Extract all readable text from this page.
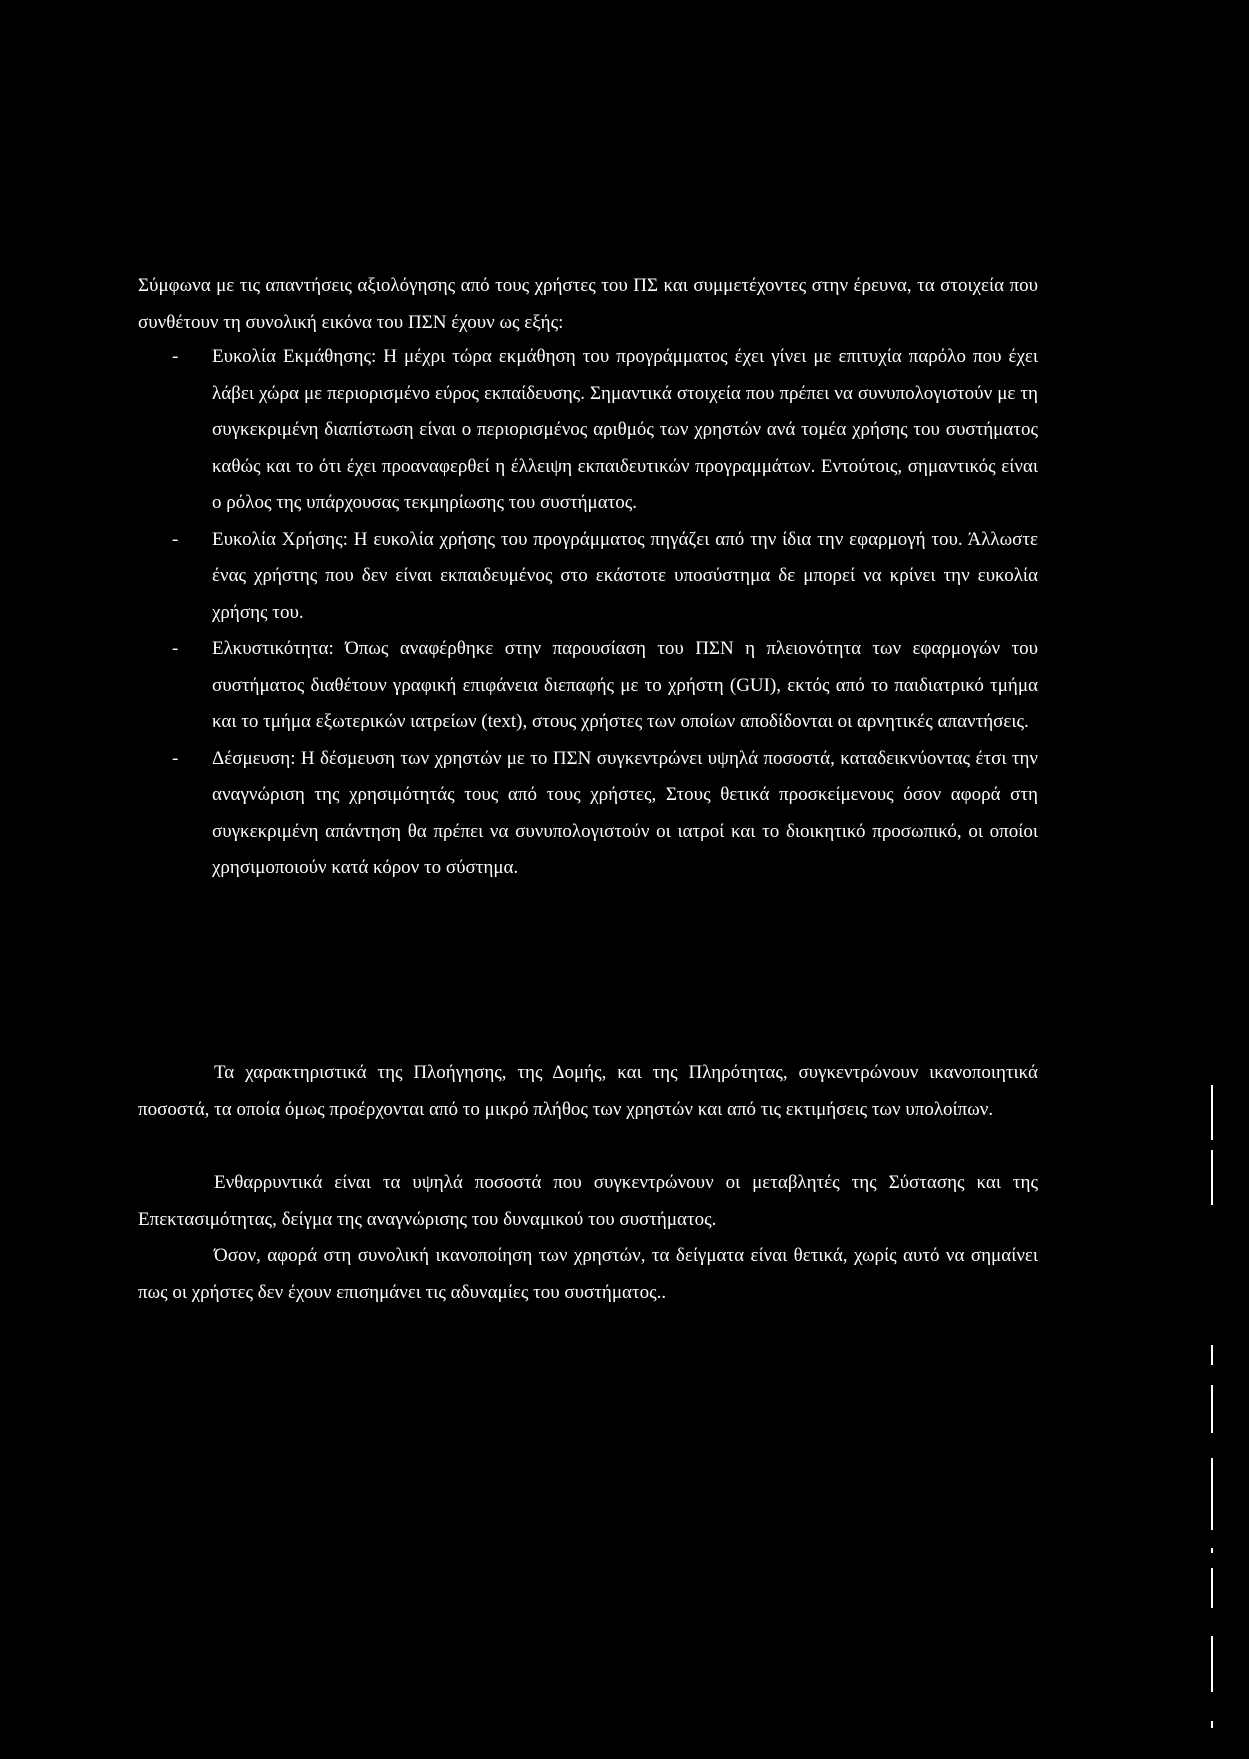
Σύμφωνα με τις απαντήσεις αξιολόγησης από τους χρήστες του ΠΣ και συμμετέχοντες στην έρευνα, τα στοιχεία που συνθέτουν τη συνολική εικόνα του ΠΣΝ έχουν ως εξής:

- Ευκολία Εκμάθησης: Η μέχρι τώρα εκμάθηση του προγράμματος έχει γίνει με επιτυχία παρόλο που έχει λάβει χώρα με περιορισμένο εύρος εκπαίδευσης. Σημαντικά στοιχεία που πρέπει να συνυπολογιστούν με τη συγκεκριμένη διαπίστωση είναι ο περιορισμένος αριθμός των χρηστών ανά τομέα χρήσης του συστήματος καθώς και το ότι έχει προαναφερθεί η έλλειψη εκπαιδευτικών προγραμμάτων. Εντούτοις, σημαντικός είναι ο ρόλος της υπάρχουσας τεκμηρίωσης του συστήματος.
- Ευκολία Χρήσης: Η ευκολία χρήσης του προγράμματος πηγάζει από την ίδια την εφαρμογή του. Άλλωστε ένας χρήστης που δεν είναι εκπαιδευμένος στο εκάστοτε υποσύστημα δε μπορεί να κρίνει την ευκολία χρήσης του.
- Ελκυστικότητα: Όπως αναφέρθηκε στην παρουσίαση του ΠΣΝ η πλειονότητα των εφαρμογών του συστήματος διαθέτουν γραφική επιφάνεια διεπαφής με το χρήστη (GUI), εκτός από το παιδιατρικό τμήμα και το τμήμα εξωτερικών ιατρείων (text), στους χρήστες των οποίων αποδίδονται οι αρνητικές απαντήσεις.
- Δέσμευση: Η δέσμευση των χρηστών με το ΠΣΝ συγκεντρώνει υψηλά ποσοστά, καταδεικνύοντας έτσι την αναγνώριση της χρησιμότητάς τους από τους χρήστες, Στους θετικά προσκείμενους όσον αφορά στη συγκεκριμένη απάντηση θα πρέπει να συνυπολογιστούν οι ιατροί και το διοικητικό προσωπικό, οι οποίοι χρησιμοποιούν κατά κόρον το σύστημα.

Τα χαρακτηριστικά της Πλοήγησης, της Δομής, και της Πληρότητας, συγκεντρώνουν ικανοποιητικά ποσοστά, τα οποία όμως προέρχονται από το μικρό πλήθος των χρηστών και από τις εκτιμήσεις των υπολοίπων.

Ενθαρρυντικά είναι τα υψηλά ποσοστά που συγκεντρώνουν οι μεταβλητές της Σύστασης και της Επεκτασιμότητας, δείγμα της αναγνώρισης του δυναμικού του συστήματος.

Όσον, αφορά στη συνολική ικανοποίηση των χρηστών, τα δείγματα είναι θετικά, χωρίς αυτό να σημαίνει πως οι χρήστες δεν έχουν επισημάνει τις αδυναμίες του συστήματος..
